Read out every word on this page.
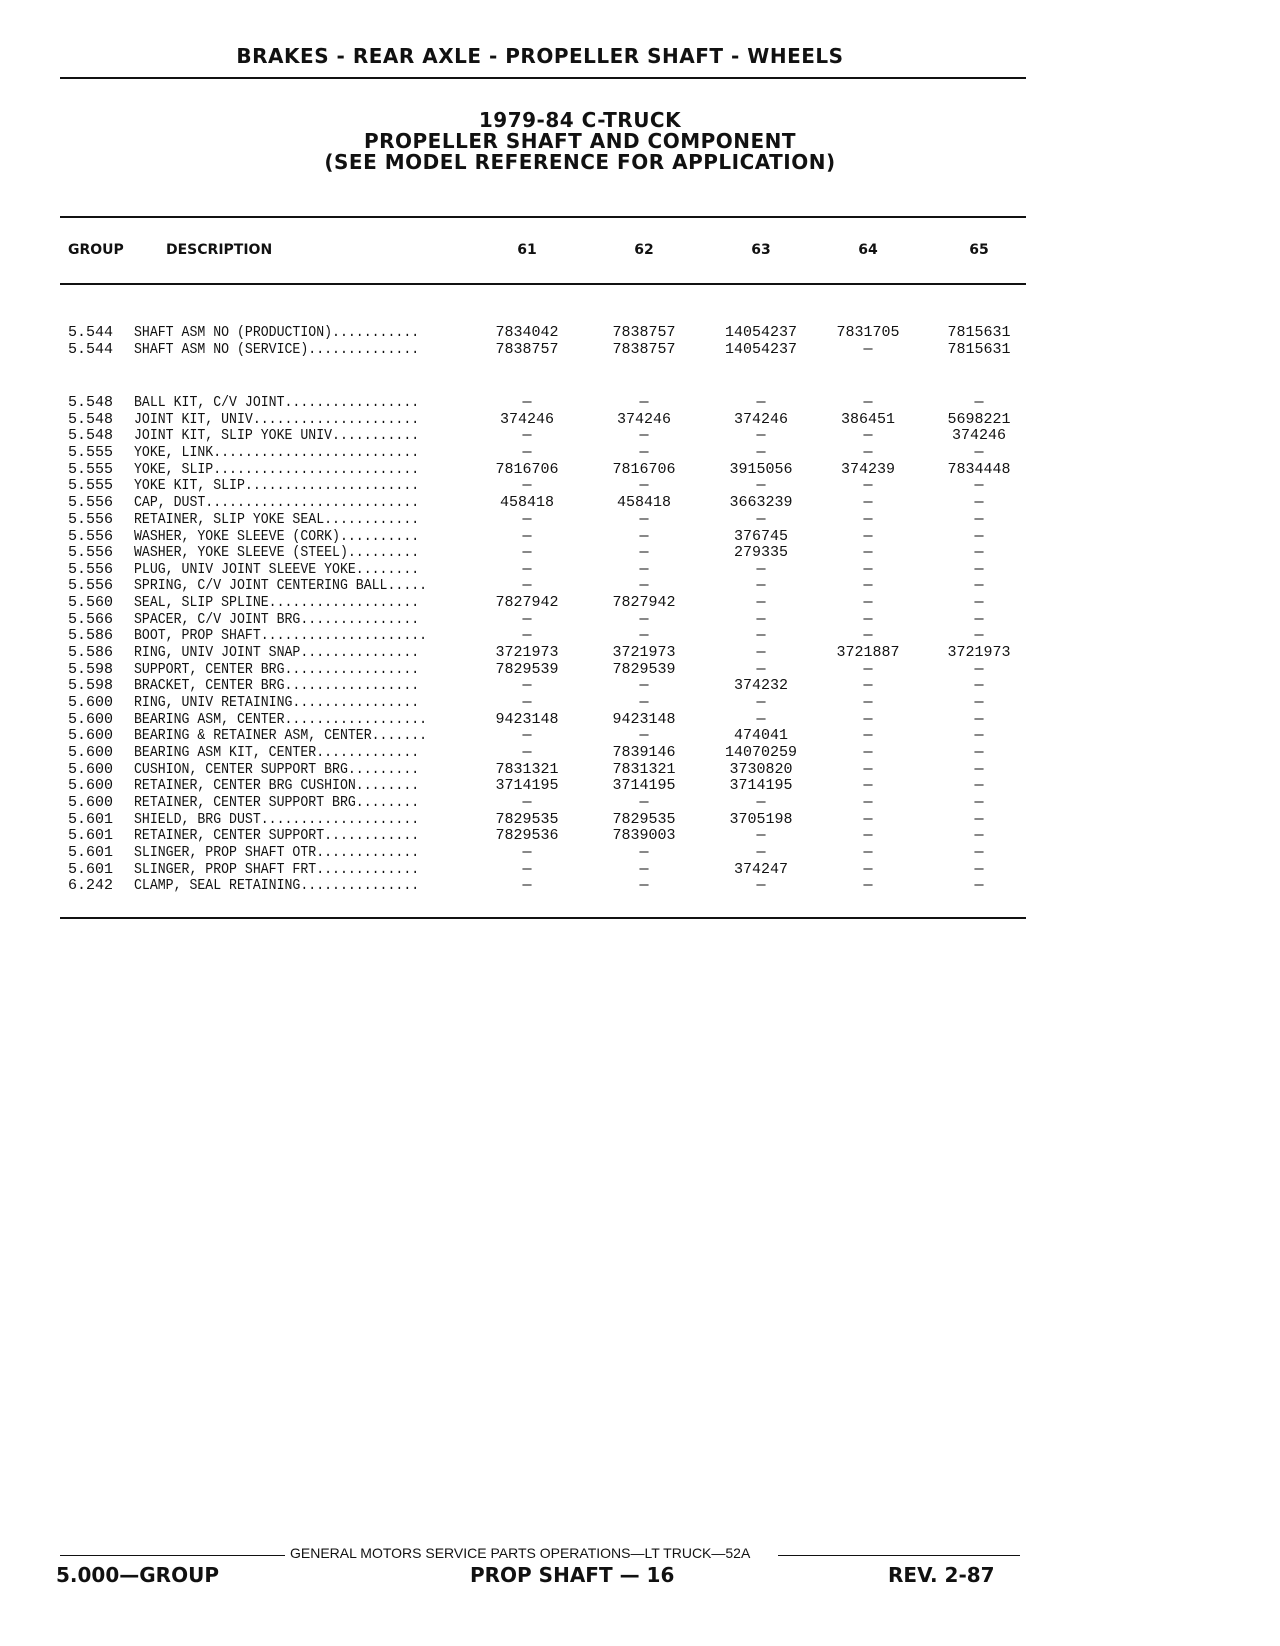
BRAKES - REAR AXLE - PROPELLER SHAFT - WHEELS
1979-84 C-TRUCK
PROPELLER SHAFT AND COMPONENT
(SEE MODEL REFERENCE FOR APPLICATION)
GROUP	DESCRIPTION	61	62	63	64	65
5.544 SHAFT ASM NO (PRODUCTION)...........	7834042	7838757	14054237	7831705	7815631
5.544 SHAFT ASM NO (SERVICE)..............	7838757	7838757	14054237	—	7815631
5.548 BALL KIT, C/V JOINT.................	—	—	—	—	—
5.548 JOINT KIT, UNIV.....................	374246	374246	374246	386451	5698221
5.548 JOINT KIT, SLIP YOKE UNIV...........	—	—	—	—	374246
5.555 YOKE, LINK..........................	—	—	—	—	—
5.555 YOKE, SLIP..........................	7816706	7816706	3915056	374239	7834448
5.555 YOKE KIT, SLIP......................	—	—	—	—	—
5.556 CAP, DUST...........................	458418	458418	3663239	—	—
5.556 RETAINER, SLIP YOKE SEAL............	—	—	—	—	—
5.556 WASHER, YOKE SLEEVE (CORK)..........	—	—	376745	—	—
5.556 WASHER, YOKE SLEEVE (STEEL).........	—	—	279335	—	—
5.556 PLUG, UNIV JOINT SLEEVE YOKE........	—	—	—	—	—
5.556 SPRING, C/V JOINT CENTERING BALL.....	—	—	—	—	—
5.560 SEAL, SLIP SPLINE...................	7827942	7827942	—	—	—
5.566 SPACER, C/V JOINT BRG...............	—	—	—	—	—
5.586 BOOT, PROP SHAFT.....................	—	—	—	—	—
5.586 RING, UNIV JOINT SNAP...............	3721973	3721973	—	3721887	3721973
5.598 SUPPORT, CENTER BRG.................	7829539	7829539	—	—	—
5.598 BRACKET, CENTER BRG.................	—	—	374232	—	—
5.600 RING, UNIV RETAINING................	—	—	—	—	—
5.600 BEARING ASM, CENTER..................	9423148	9423148	—	—	—
5.600 BEARING & RETAINER ASM, CENTER.......	—	—	474041	—	—
5.600 BEARING ASM KIT, CENTER.............	—	7839146	14070259	—	—
5.600 CUSHION, CENTER SUPPORT BRG.........	7831321	7831321	3730820	—	—
5.600 RETAINER, CENTER BRG CUSHION........	3714195	3714195	3714195	—	—
5.600 RETAINER, CENTER SUPPORT BRG........	—	—	—	—	—
5.601 SHIELD, BRG DUST....................	7829535	7829535	3705198	—	—
5.601 RETAINER, CENTER SUPPORT............	7829536	7839003	—	—	—
5.601 SLINGER, PROP SHAFT OTR.............	—	—	—	—	—
5.601 SLINGER, PROP SHAFT FRT.............	—	—	374247	—	—
6.242 CLAMP, SEAL RETAINING...............	—	—	—	—	—
GENERAL MOTORS SERVICE PARTS OPERATIONS—LT TRUCK—52A
5.000—GROUP	PROP SHAFT — 16	REV. 2-87
